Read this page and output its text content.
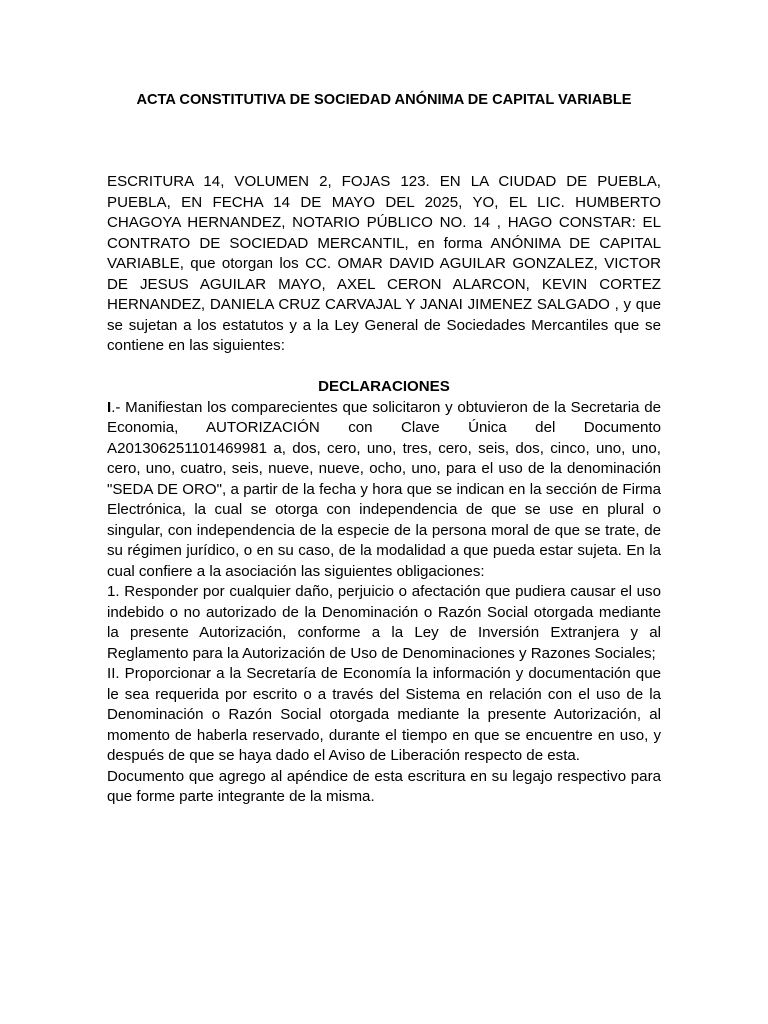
ACTA CONSTITUTIVA DE SOCIEDAD ANÓNIMA DE CAPITAL VARIABLE

ESCRITURA 14, VOLUMEN 2, FOJAS 123. EN LA CIUDAD DE PUEBLA, PUEBLA, EN FECHA 14 DE MAYO DEL 2025, YO, EL LIC. HUMBERTO CHAGOYA HERNANDEZ, NOTARIO PÚBLICO NO. 14 , HAGO CONSTAR: EL CONTRATO DE SOCIEDAD MERCANTIL, en forma ANÓNIMA DE CAPITAL VARIABLE, que otorgan los CC. OMAR DAVID AGUILAR GONZALEZ, VICTOR DE JESUS AGUILAR MAYO, AXEL CERON ALARCON, KEVIN CORTEZ HERNANDEZ, DANIELA CRUZ CARVAJAL Y JANAI JIMENEZ SALGADO , y que se sujetan a los estatutos y a la Ley General de Sociedades Mercantiles que se contiene en las siguientes:

DECLARACIONES

I.- Manifiestan los comparecientes que solicitaron y obtuvieron de la Secretaria de Economia, AUTORIZACIÓN con Clave Única del Documento A201306251101469981 a, dos, cero, uno, tres, cero, seis, dos, cinco, uno, uno, cero, uno, cuatro, seis, nueve, nueve, ocho, uno, para el uso de la denominación "SEDA DE ORO", a partir de la fecha y hora que se indican en la sección de Firma Electrónica, la cual se otorga con independencia de que se use en plural o singular, con independencia de la especie de la persona moral de que se trate, de su régimen jurídico, o en su caso, de la modalidad a que pueda estar sujeta. En la cual confiere a la asociación las siguientes obligaciones:

1. Responder por cualquier daño, perjuicio o afectación que pudiera causar el uso indebido o no autorizado de la Denominación o Razón Social otorgada mediante la presente Autorización, conforme a la Ley de Inversión Extranjera y al Reglamento para la Autorización de Uso de Denominaciones y Razones Sociales;

II. Proporcionar a la Secretaría de Economía la información y documentación que le sea requerida por escrito o a través del Sistema en relación con el uso de la Denominación o Razón Social otorgada mediante la presente Autorización, al momento de haberla reservado, durante el tiempo en que se encuentre en uso, y después de que se haya dado el Aviso de Liberación respecto de esta.

Documento que agrego al apéndice de esta escritura en su legajo respectivo para que forme parte integrante de la misma.
